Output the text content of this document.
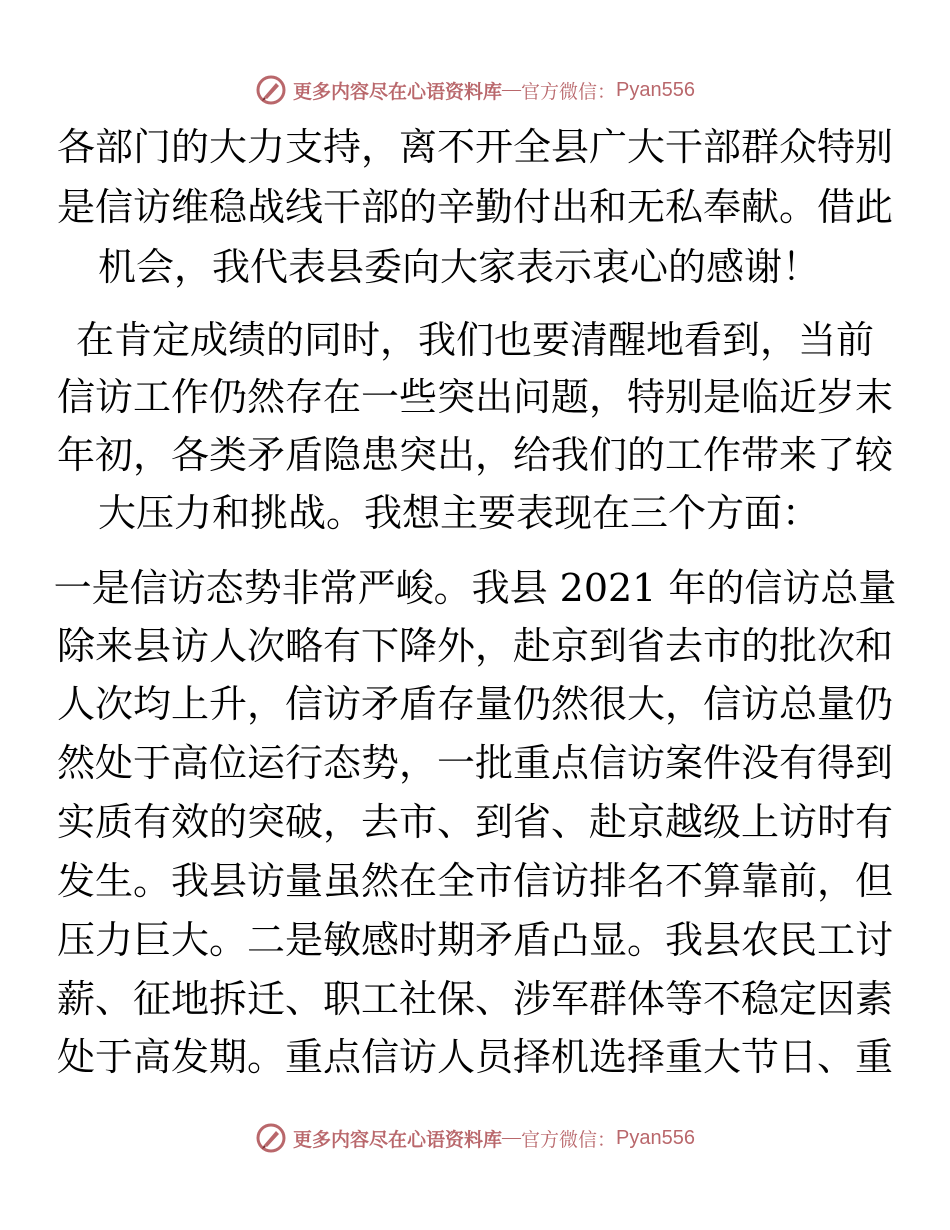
更多内容尽在心语资料库 — 官方微信： Pyan556
各部门的大力支持，离不开全县广大干部群众特别
是信访维稳战线干部的辛勤付出和无私奉献。借此
机会，我代表县委向大家表示衷心的感谢！
在肯定成绩的同时，我们也要清醒地看到，当前
信访工作仍然存在一些突出问题，特别是临近岁末
年初，各类矛盾隐患突出，给我们的工作带来了较
大压力和挑战。我想主要表现在三个方面：
一是信访态势非常严峻。我县 2021 年的信访总量
除来县访人次略有下降外，赴京到省去市的批次和
人次均上升，信访矛盾存量仍然很大，信访总量仍
然处于高位运行态势，一批重点信访案件没有得到
实质有效的突破，去市、到省、赴京越级上访时有
发生。我县访量虽然在全市信访排名不算靠前，但
压力巨大。二是敏感时期矛盾凸显。我县农民工讨
薪、征地拆迁、职工社保、涉军群体等不稳定因素
处于高发期。重点信访人员择机选择重大节日、重
更多内容尽在心语资料库 — 官方微信： Pyan556
